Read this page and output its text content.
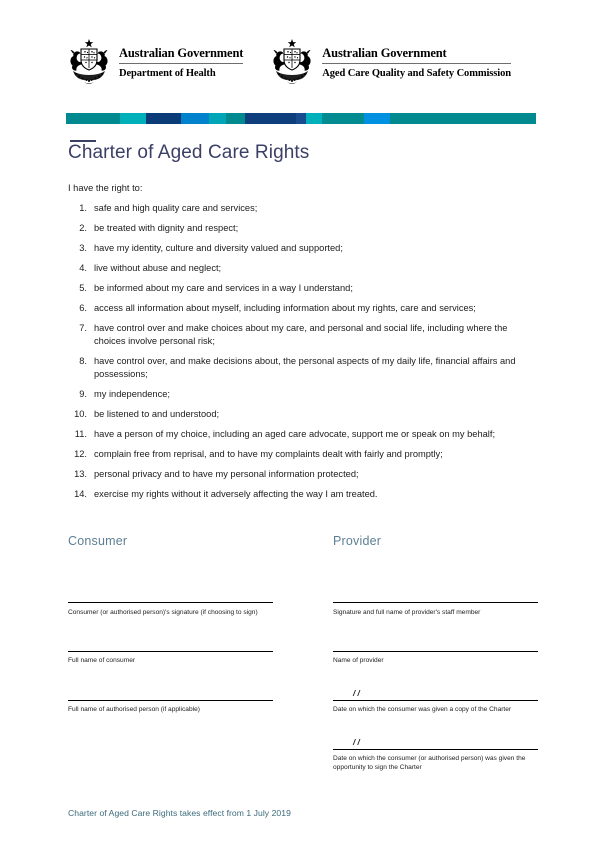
Australian Government
Department of Health
Australian Government
Aged Care Quality and Safety Commission
Charter of Aged Care Rights
I have the right to:
1. safe and high quality care and services;
2. be treated with dignity and respect;
3. have my identity, culture and diversity valued and supported;
4. live without abuse and neglect;
5. be informed about my care and services in a way I understand;
6. access all information about myself, including information about my rights, care and services;
7. have control over and make choices about my care, and personal and social life, including where the choices involve personal risk;
8. have control over, and make decisions about, the personal aspects of my daily life, financial affairs and possessions;
9. my independence;
10. be listened to and understood;
11. have a person of my choice, including an aged care advocate, support me or speak on my behalf;
12. complain free from reprisal, and to have my complaints dealt with fairly and promptly;
13. personal privacy and to have my personal information protected;
14. exercise my rights without it adversely affecting the way I am treated.
Consumer
Consumer (or authorised person)'s signature (if choosing to sign)
Full name of consumer
Full name of authorised person (if applicable)
Provider
Signature and full name of provider's staff member
Name of provider
/ /
Date on which the consumer was given a copy of the Charter
/ /
Date on which the consumer (or authorised person) was given the opportunity to sign the Charter
Charter of Aged Care Rights takes effect from 1 July 2019
